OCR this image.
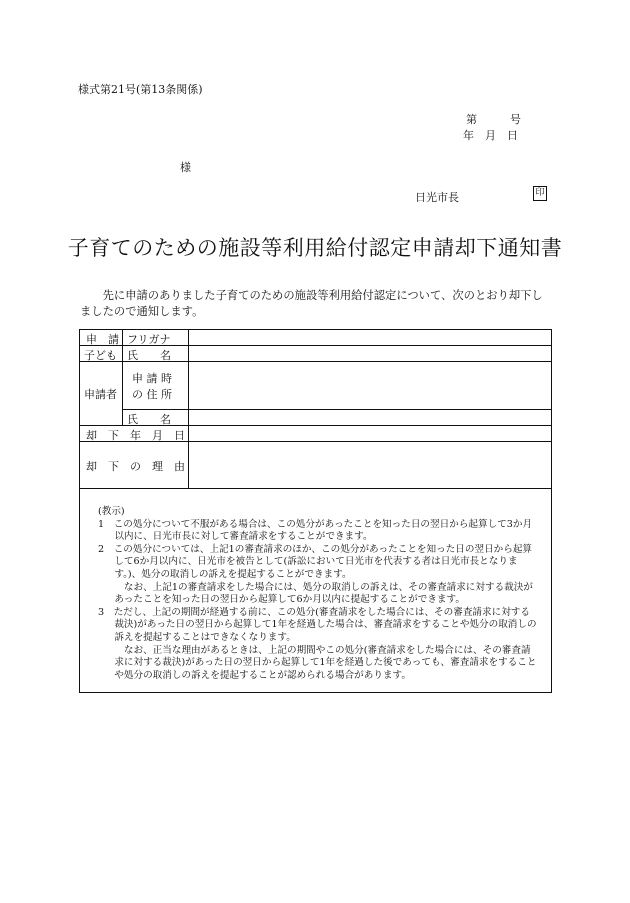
様式第21号(第13条関係)
第　　　号
年　月　日
様
日光市長	印
子育てのための施設等利用給付認定申請却下通知書
先に申請のありました子育てのための施設等利用給付認定について、次のとおり却下しましたので通知します。
申　請
子ども
フリガナ
氏　　名
申請者
申 請 時
の 住 所
氏　　名
却　下　年　月　日
却　下　の　理　由

(教示)

1　この処分について不服がある場合は、この処分があったことを知った日の翌日から起算して3か月以内に、日光市長に対して審査請求をすることができます。

2　この処分については、上記1の審査請求のほか、この処分があったことを知った日の翌日から起算して6か月以内に、日光市を被告として(訴訟において日光市を代表する者は日光市長となります。)、処分の取消しの訴えを提起することができます。

なお、上記1の審査請求をした場合には、処分の取消しの訴えは、その審査請求に対する裁決があったことを知った日の翌日から起算して6か月以内に提起することができます。

3　ただし、上記の期間が経過する前に、この処分(審査請求をした場合には、その審査請求に対する裁決)があった日の翌日から起算して1年を経過した場合は、審査請求をすることや処分の取消しの訴えを提起することはできなくなります。

なお、正当な理由があるときは、上記の期間やこの処分(審査請求をした場合には、その審査請求に対する裁決)があった日の翌日から起算して1年を経過した後であっても、審査請求をすることや処分の取消しの訴えを提起することが認められる場合があります。
